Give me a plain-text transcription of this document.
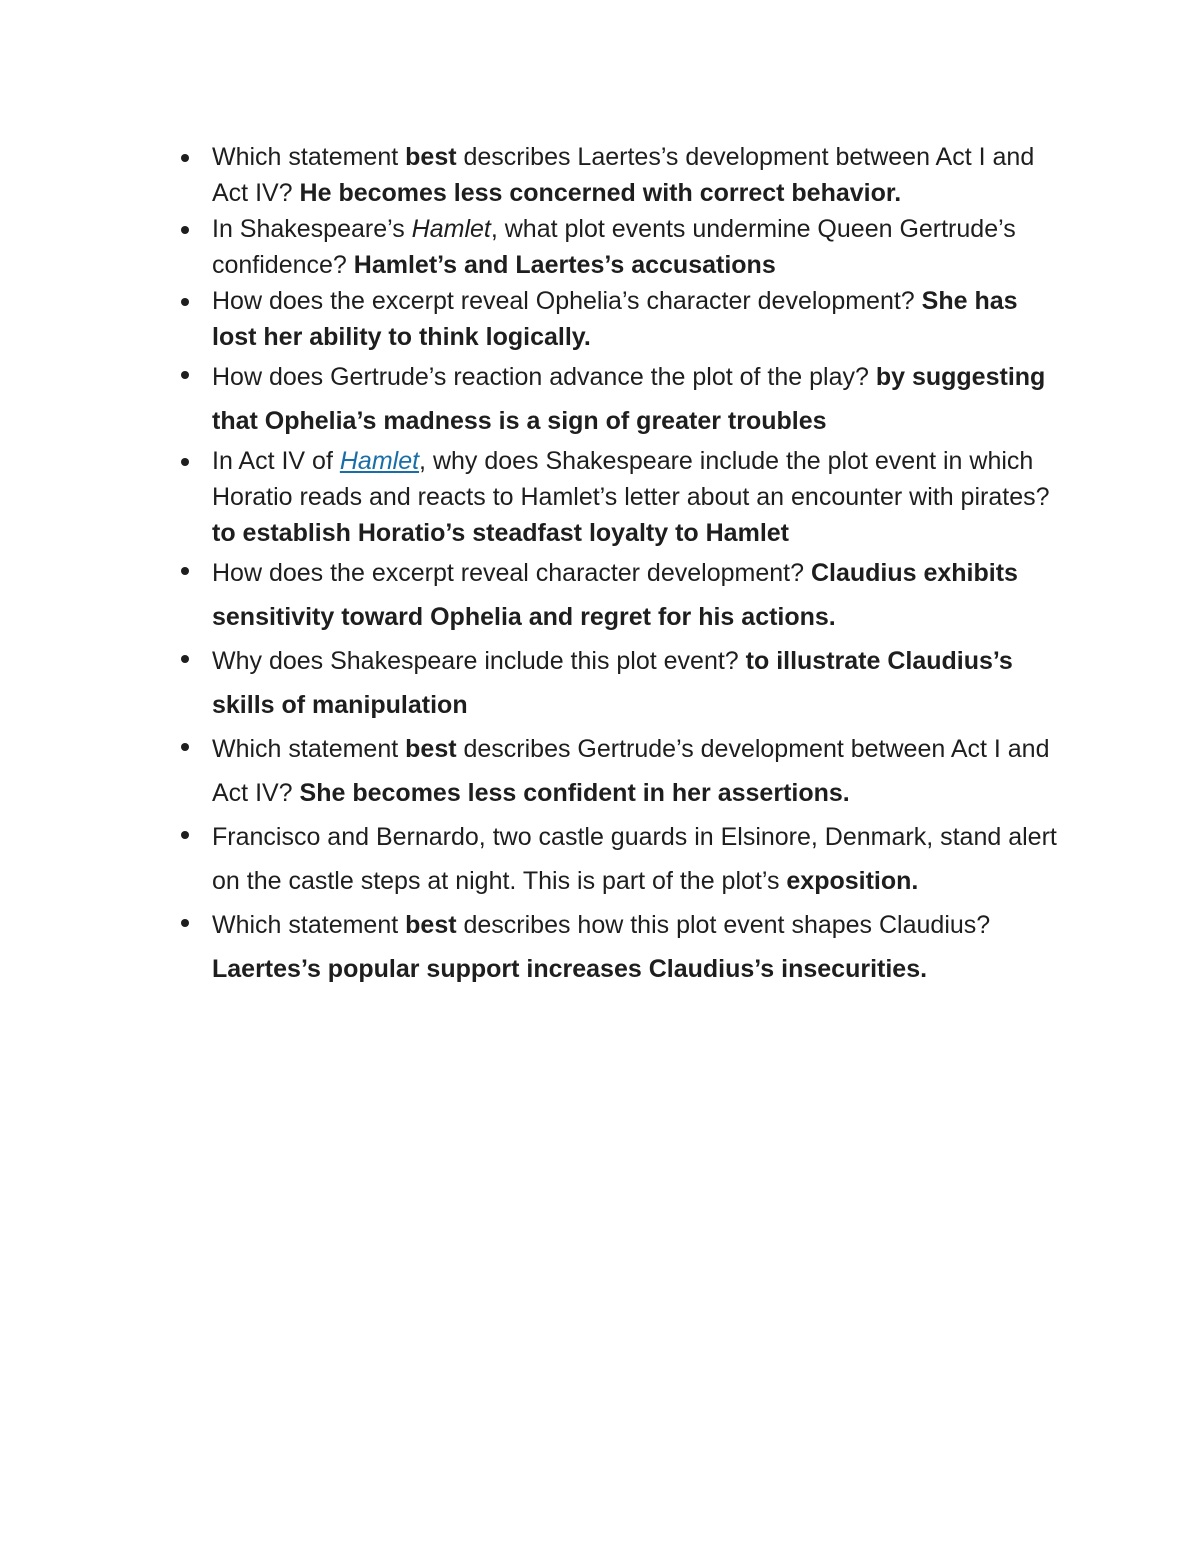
Which statement best describes Laertes’s development between Act I and Act IV? He becomes less concerned with correct behavior.
In Shakespeare’s Hamlet, what plot events undermine Queen Gertrude’s confidence? Hamlet’s and Laertes’s accusations
How does the excerpt reveal Ophelia’s character development? She has lost her ability to think logically.
How does Gertrude’s reaction advance the plot of the play? by suggesting that Ophelia’s madness is a sign of greater troubles
In Act IV of Hamlet, why does Shakespeare include the plot event in which Horatio reads and reacts to Hamlet’s letter about an encounter with pirates? to establish Horatio’s steadfast loyalty to Hamlet
How does the excerpt reveal character development? Claudius exhibits sensitivity toward Ophelia and regret for his actions.
Why does Shakespeare include this plot event? to illustrate Claudius’s skills of manipulation
Which statement best describes Gertrude’s development between Act I and Act IV? She becomes less confident in her assertions.
Francisco and Bernardo, two castle guards in Elsinore, Denmark, stand alert on the castle steps at night. This is part of the plot’s exposition.
Which statement best describes how this plot event shapes Claudius? Laertes’s popular support increases Claudius’s insecurities.
